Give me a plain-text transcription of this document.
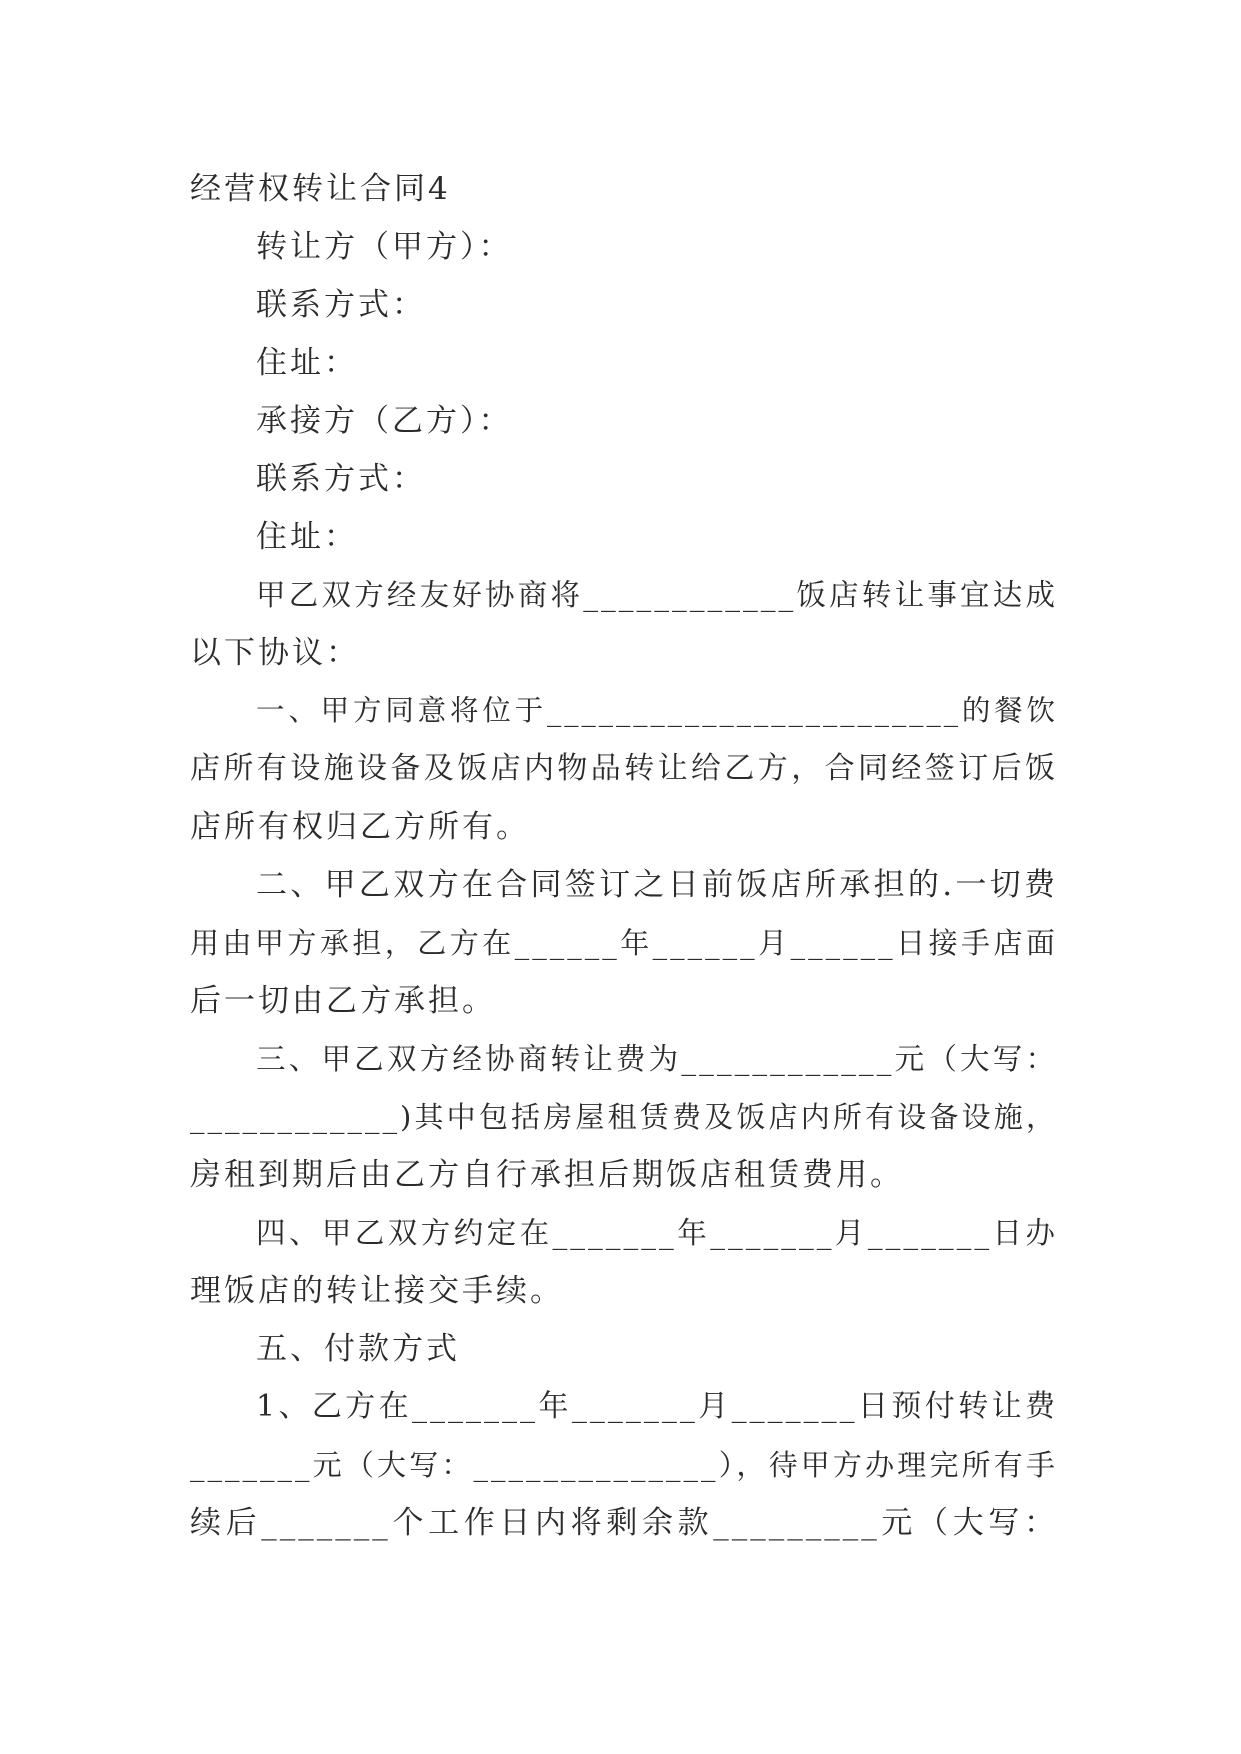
经营权转让合同4
转让方（甲方）：
联系方式：
住址：
承接方（乙方）：
联系方式：
住址：
甲乙双方经友好协商将____________饭店转让事宜达成
以下协议：
一、甲方同意将位于________________________的餐饮
店所有设施设备及饭店内物品转让给乙方，合同经签订后饭
店所有权归乙方所有。
二、甲乙双方在合同签订之日前饭店所承担的.一切费
用由甲方承担，乙方在______年______月______日接手店面
后一切由乙方承担。
三、甲乙双方经协商转让费为____________元（大写：
____________)其中包括房屋租赁费及饭店内所有设备设施，
房租到期后由乙方自行承担后期饭店租赁费用。
四、甲乙双方约定在_______年_______月_______日办
理饭店的转让接交手续。
五、付款方式
1、乙方在_______年_______月_______日预付转让费
_______元（大写：______________），待甲方办理完所有手
续后_______个工作日内将剩余款_________元（大写：
